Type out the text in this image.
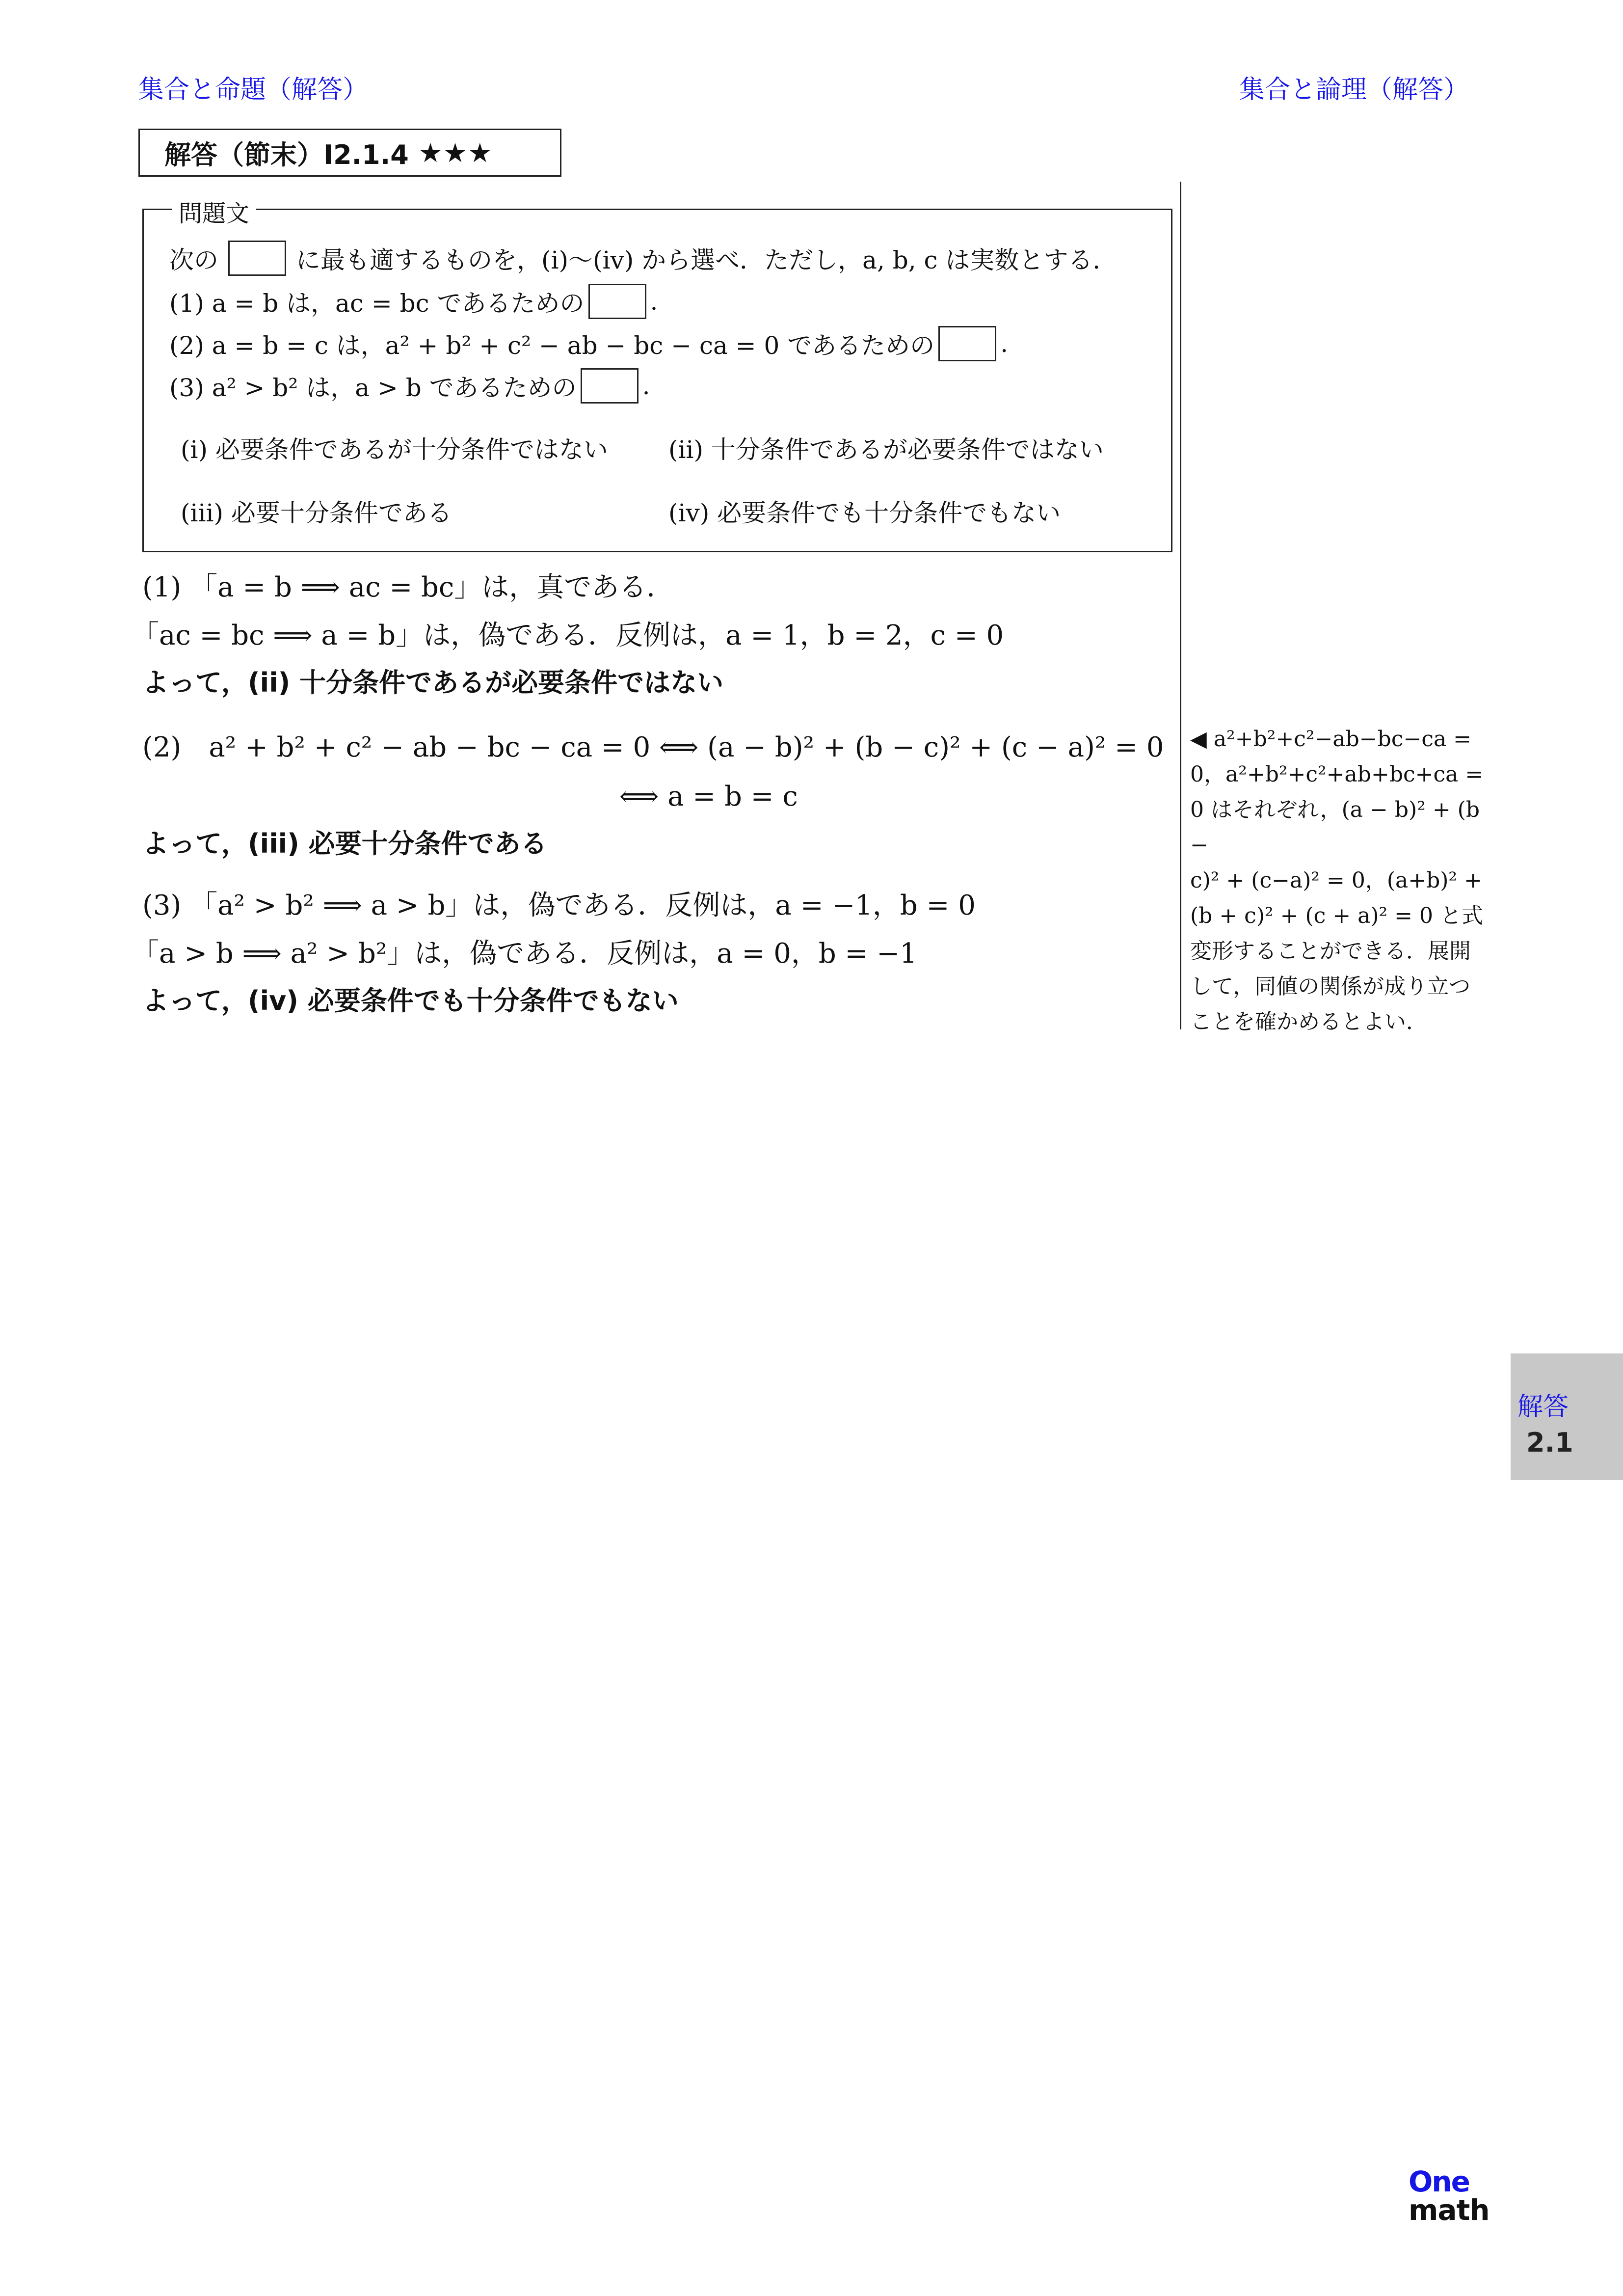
集合と命題（解答）	集合と論理（解答）
解答（節末）I2.1.4 ★★★
問題文
次の	に最も適するものを，(i)〜(iv) から選べ．ただし，a, b, c は実数とする．
(1) a = b は，ac = bc であるための	.
(2) a = b = c は，a² + b² + c² − ab − bc − ca = 0 であるための	.
(3) a² > b² は，a > b であるための	.
(i) 必要条件であるが十分条件ではない (ii) 十分条件であるが必要条件ではない
(iii) 必要十分条件である	(iv) 必要条件でも十分条件でもない
(1) 「a = b ⟹ ac = bc」は，真である．
「ac = bc ⟹ a = b」は，偽である．反例は，a = 1，b = 2，c = 0
よって，(ii) 十分条件であるが必要条件ではない
(2)　a² + b² + c² − ab − bc − ca = 0 ⟺ (a − b)² + (b − c)² + (c − a)² = 0
⟺ a = b = c
よって，(iii) 必要十分条件である
(3) 「a² > b² ⟹ a > b」は，偽である．反例は，a = −1，b = 0
「a > b ⟹ a² > b²」は，偽である．反例は，a = 0，b = −1
よって，(iv) 必要条件でも十分条件でもない
◀ a²+b²+c²−ab−bc−ca =
0，a²+b²+c²+ab+bc+ca =
0 はそれぞれ，(a − b)² + (b −
c)² + (c−a)² = 0，(a+b)² +
(b + c)² + (c + a)² = 0 と式
変形することができる．展開
して，同値の関係が成り立つ
ことを確かめるとよい．
解答
2.1
One
math
